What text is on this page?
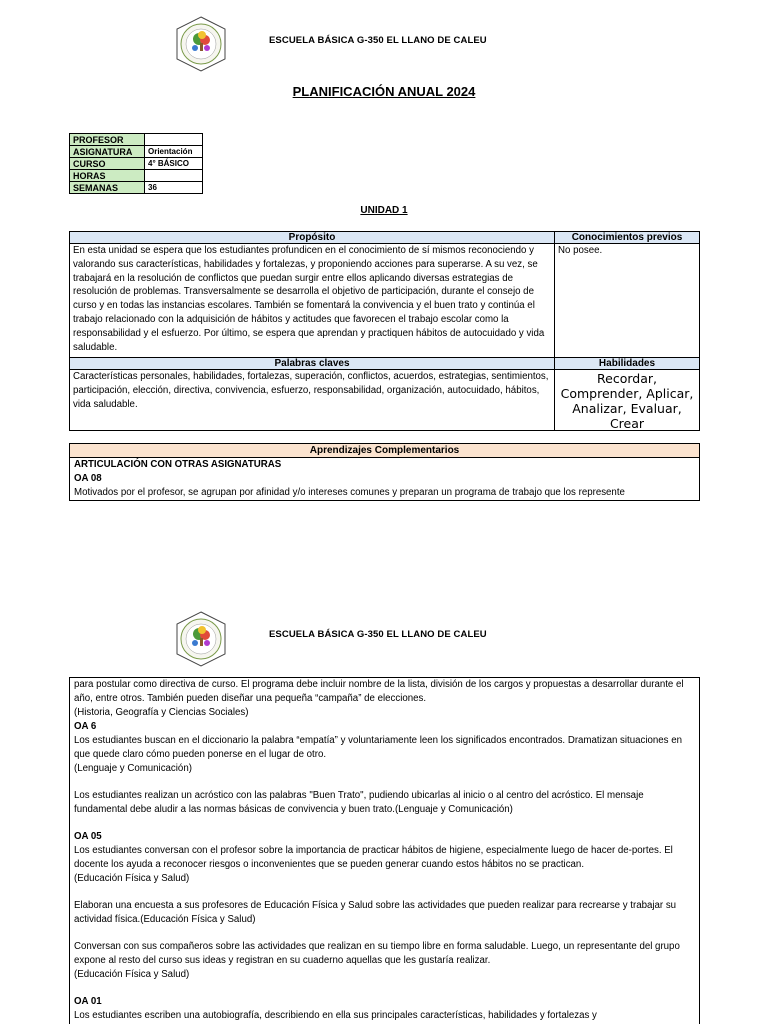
ESCUELA BÁSICA G-350 EL LLANO DE CALEU
PLANIFICACIÓN ANUAL 2024
PROFESOR	
ASIGNATURA	Orientación
CURSO	4° BÁSICO
HORAS	
SEMANAS	36
UNIDAD 1
Propósito	Conocimientos previos
En esta unidad se espera que los estudiantes profundicen en el conocimiento de sí mismos reconociendo y valorando sus características, habilidades y fortalezas, y proponiendo acciones para superarse. A su vez, se trabajará en la resolución de conflictos que puedan surgir entre ellos aplicando diversas estrategias de resolución de problemas. Transversalmente se desarrolla el objetivo de participación, durante el consejo de curso y en todas las instancias escolares. También se fomentará la convivencia y el buen trato y continúa el trabajo relacionado con la adquisición de hábitos y actitudes que favorecen el trabajo escolar como la responsabilidad y el esfuerzo. Por último, se espera que aprendan y practiquen hábitos de autocuidado y vida saludable.
No posee.
Palabras claves	Habilidades
Características personales, habilidades, fortalezas, superación, conflictos, acuerdos, estrategias, sentimientos, participación, elección, directiva, convivencia, esfuerzo, responsabilidad, organización, autocuidado, hábitos, vida saludable.
Recordar, Comprender, Aplicar, Analizar, Evaluar, Crear
Aprendizajes Complementarios
ARTICULACIÓN CON OTRAS ASIGNATURAS
OA 08
Motivados por el profesor, se agrupan por afinidad y/o intereses comunes y preparan un programa de trabajo que los represente
ESCUELA BÁSICA G-350 EL LLANO DE CALEU

para postular como directiva de curso. El programa debe incluir nombre de la lista, división de los cargos y propuestas a desarrollar durante el año, entre otros. También pueden diseñar una pequeña “campaña” de elecciones.

(Historia, Geografía y Ciencias Sociales)

OA 6

Los estudiantes buscan en el diccionario la palabra “empatía” y voluntariamente leen los significados encontrados. Dramatizan situaciones en que quede claro cómo pueden ponerse en el lugar de otro.

(Lenguaje y Comunicación)

Los estudiantes realizan un acróstico con las palabras "Buen Trato", pudiendo ubicarlas al inicio o al centro del acróstico. El mensaje fundamental debe aludir a las normas básicas de convivencia y buen trato.(Lenguaje y Comunicación)

OA 05

Los estudiantes conversan con el profesor sobre la importancia de practicar hábitos de higiene, especialmente luego de hacer de-portes. El docente los ayuda a reconocer riesgos o inconvenientes que se pueden generar cuando estos hábitos no se practican.

(Educación Física y Salud)

Elaboran una encuesta a sus profesores de Educación Física y Salud sobre las actividades que pueden realizar para recrearse y trabajar su actividad física.(Educación Física y Salud)

Conversan con sus compañeros sobre las actividades que realizan en su tiempo libre en forma saludable. Luego, un representante del grupo expone al resto del curso sus ideas y registran en su cuaderno aquellas que les gustaría realizar.

(Educación Física y Salud)

OA 01

Los estudiantes escriben una autobiografía, describiendo en ella sus principales características, habilidades y fortalezas y
